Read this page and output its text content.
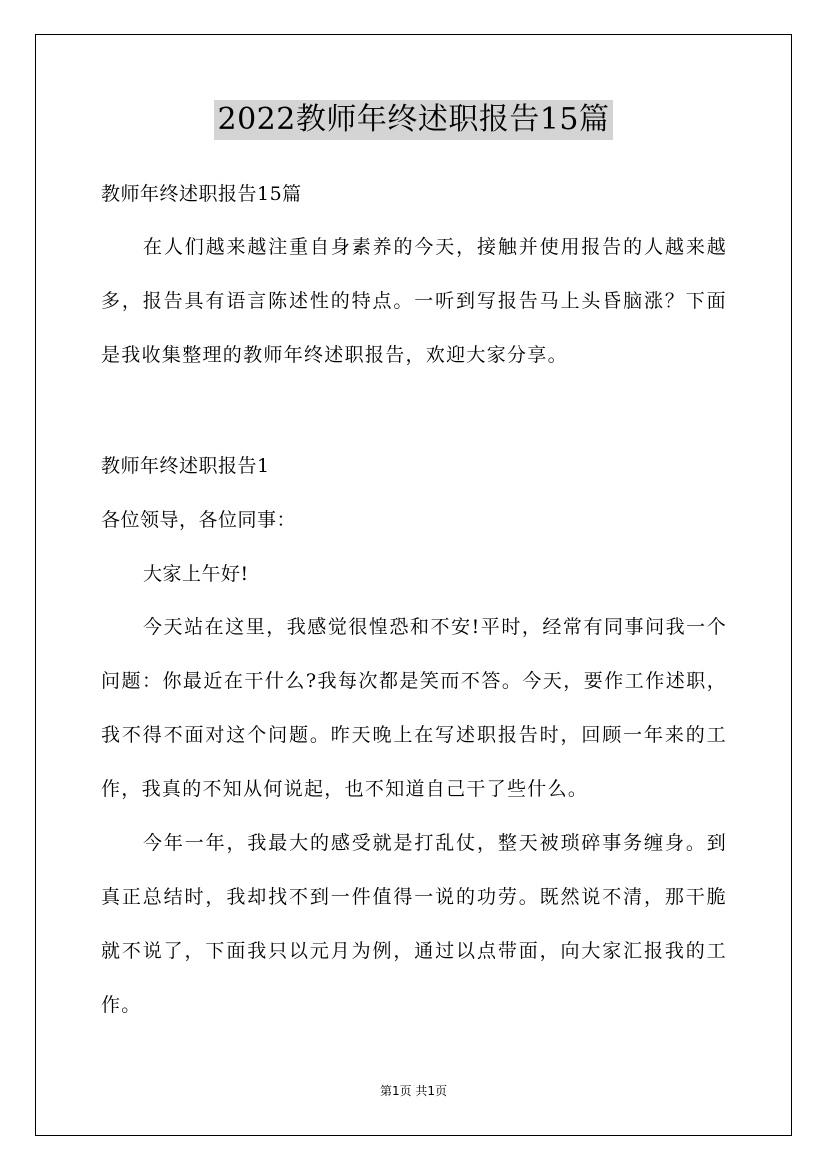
2022教师年终述职报告15篇
教师年终述职报告15篇

在人们越来越注重自身素养的今天，接触并使用报告的人越来越多，报告具有语言陈述性的特点。一听到写报告马上头昏脑涨？下面是我收集整理的教师年终述职报告，欢迎大家分享。

教师年终述职报告1
各位领导，各位同事：
大家上午好!

今天站在这里，我感觉很惶恐和不安!平时，经常有同事问我一个问题：你最近在干什么?我每次都是笑而不答。今天，要作工作述职，我不得不面对这个问题。昨天晚上在写述职报告时，回顾一年来的工作，我真的不知从何说起，也不知道自己干了些什么。

今年一年，我最大的感受就是打乱仗，整天被琐碎事务缠身。到真正总结时，我却找不到一件值得一说的功劳。既然说不清，那干脆就不说了，下面我只以元月为例，通过以点带面，向大家汇报我的工作。

第1页 共1页
